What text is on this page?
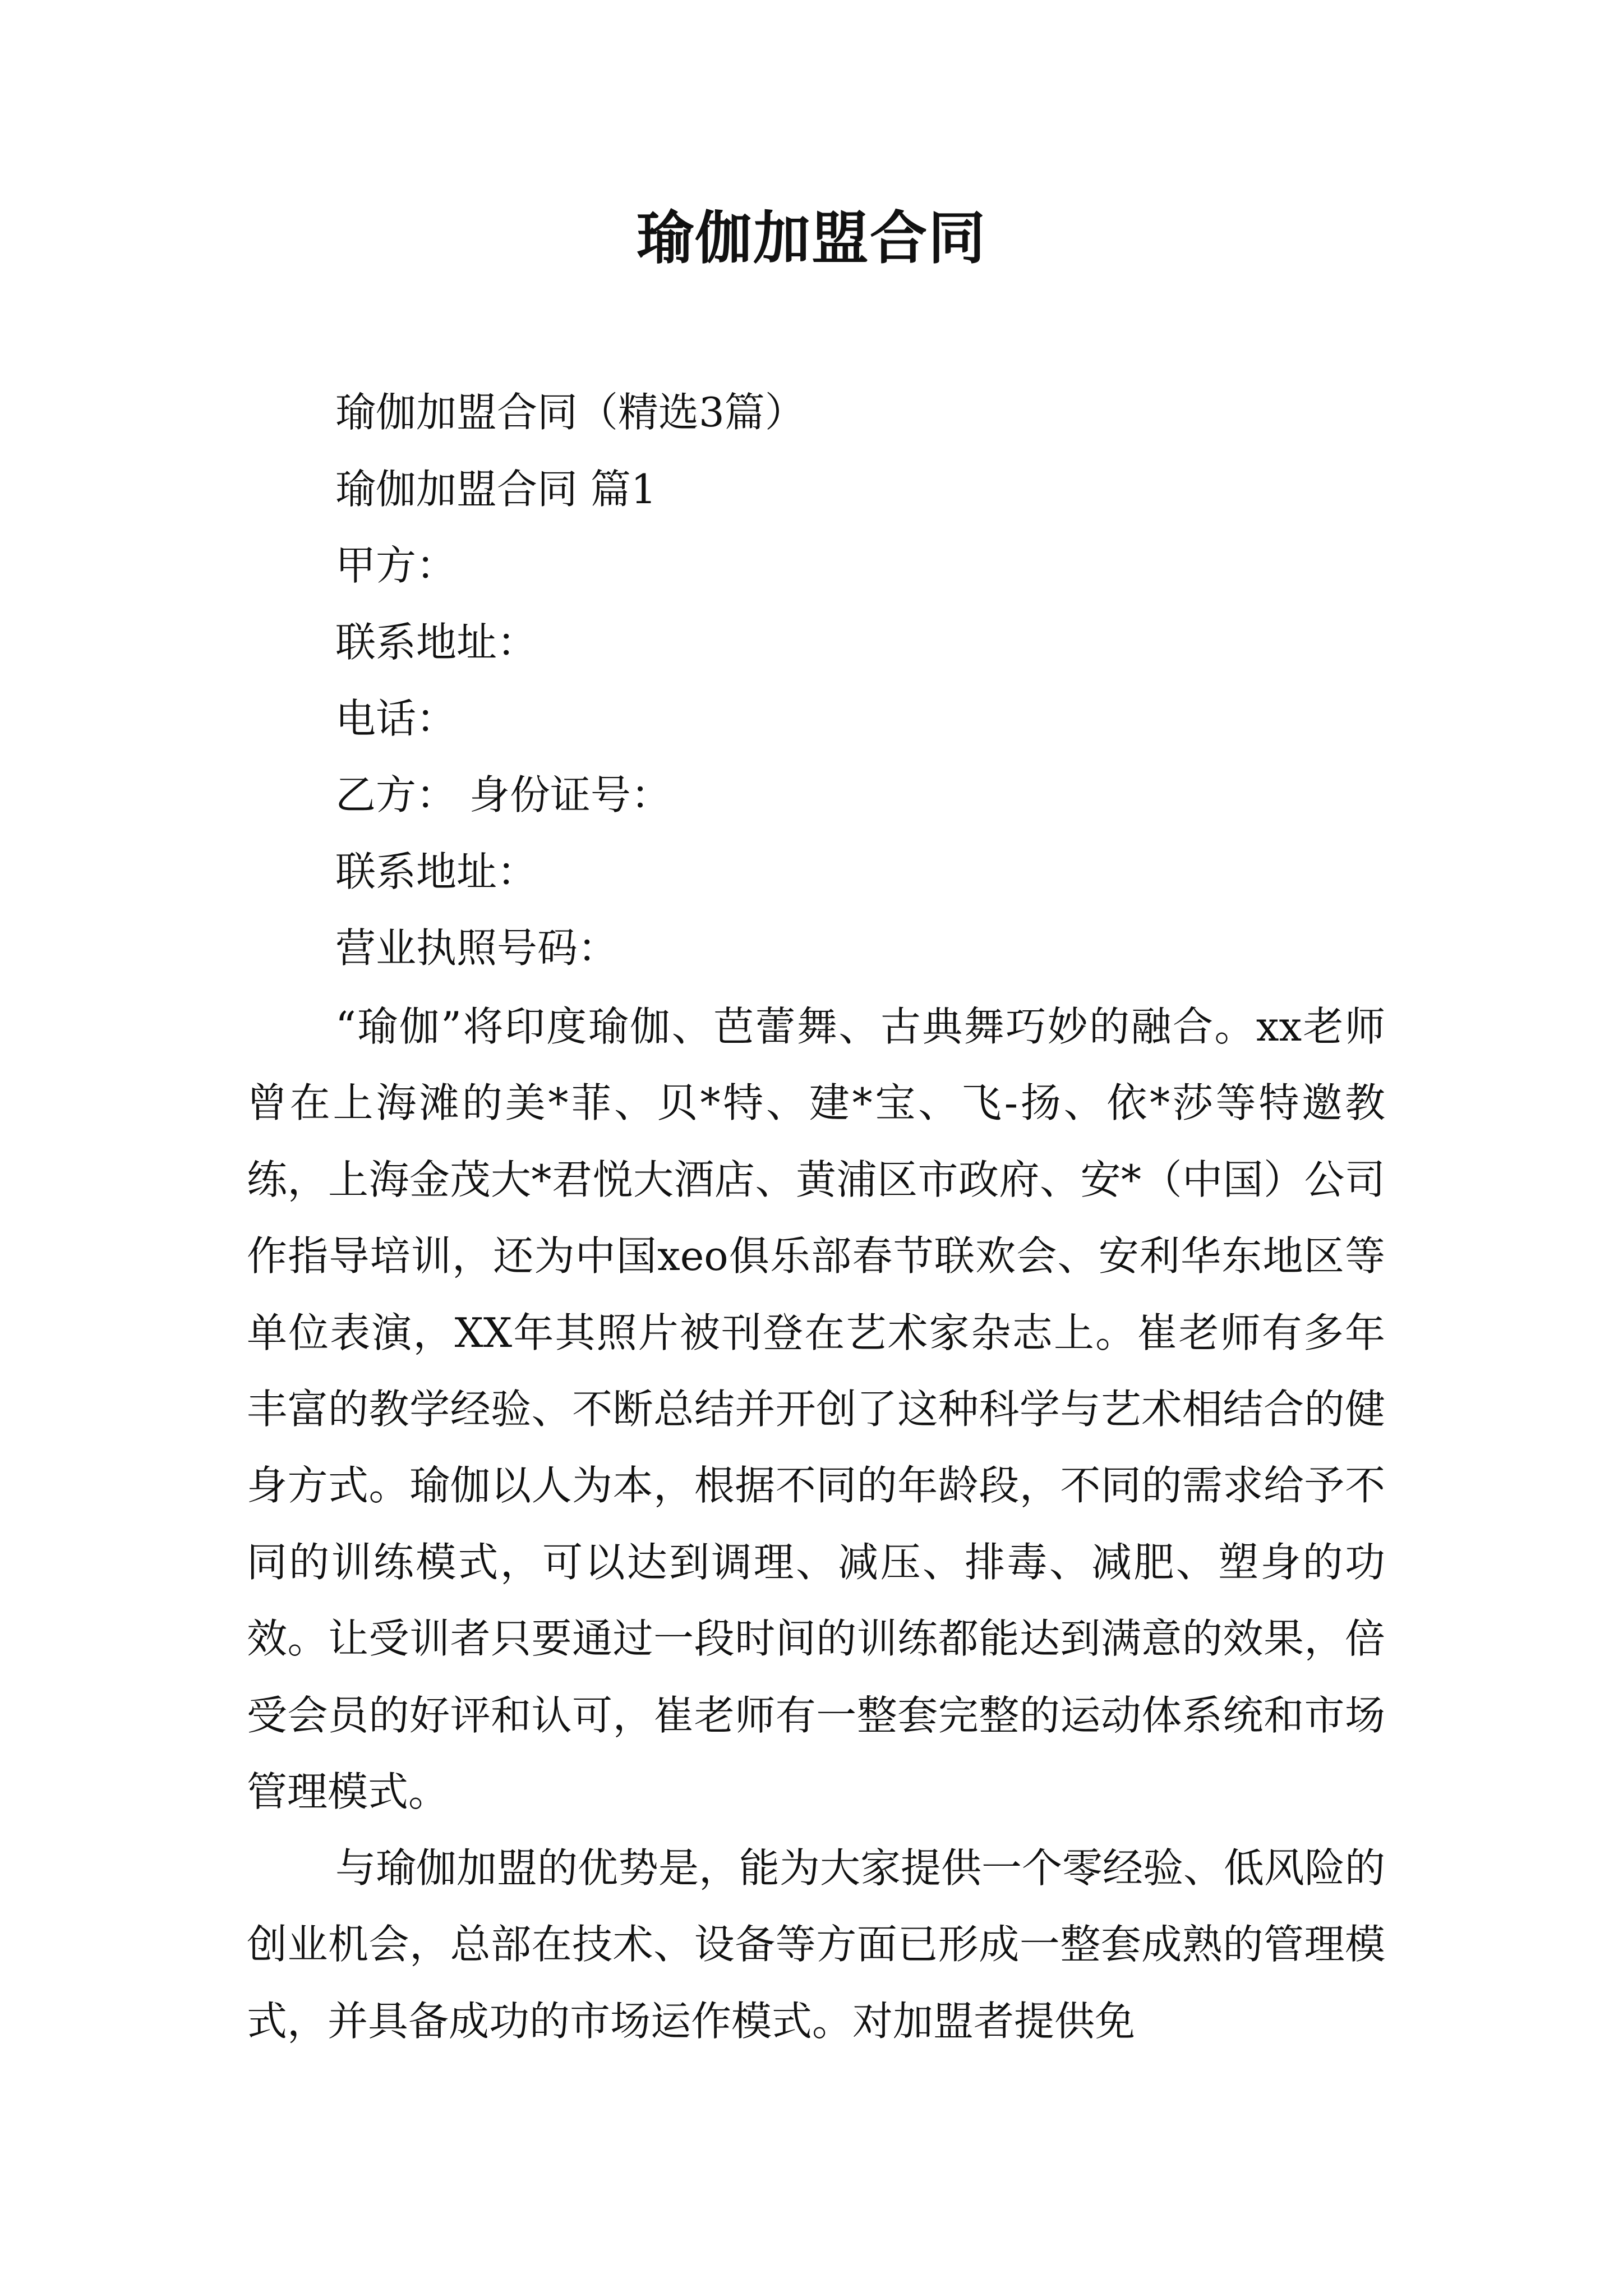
瑜伽加盟合同
瑜伽加盟合同（精选3篇）
瑜伽加盟合同 篇1
甲方：
联系地址：
电话：
乙方： 身份证号：
联系地址：
营业执照号码：

“瑜伽”将印度瑜伽、芭蕾舞、古典舞巧妙的融合。xx老师曾在上海滩的美*菲、贝*特、建*宝、飞-扬、依*莎等特邀教练，上海金茂大*君悦大酒店、黄浦区市政府、安*（中国）公司作指导培训，还为中国xeo俱乐部春节联欢会、安利华东地区等单位表演，XX年其照片被刊登在艺术家杂志上。崔老师有多年丰富的教学经验、不断总结并开创了这种科学与艺术相结合的健身方式。瑜伽以人为本，根据不同的年龄段，不同的需求给予不同的训练模式，可以达到调理、减压、排毒、减肥、塑身的功效。让受训者只要通过一段时间的训练都能达到满意的效果，倍受会员的好评和认可，崔老师有一整套完整的运动体系统和市场管理模式。

与瑜伽加盟的优势是，能为大家提供一个零经验、低风险的创业机会，总部在技术、设备等方面已形成一整套成熟的管理模式，并具备成功的市场运作模式。对加盟者提供免
